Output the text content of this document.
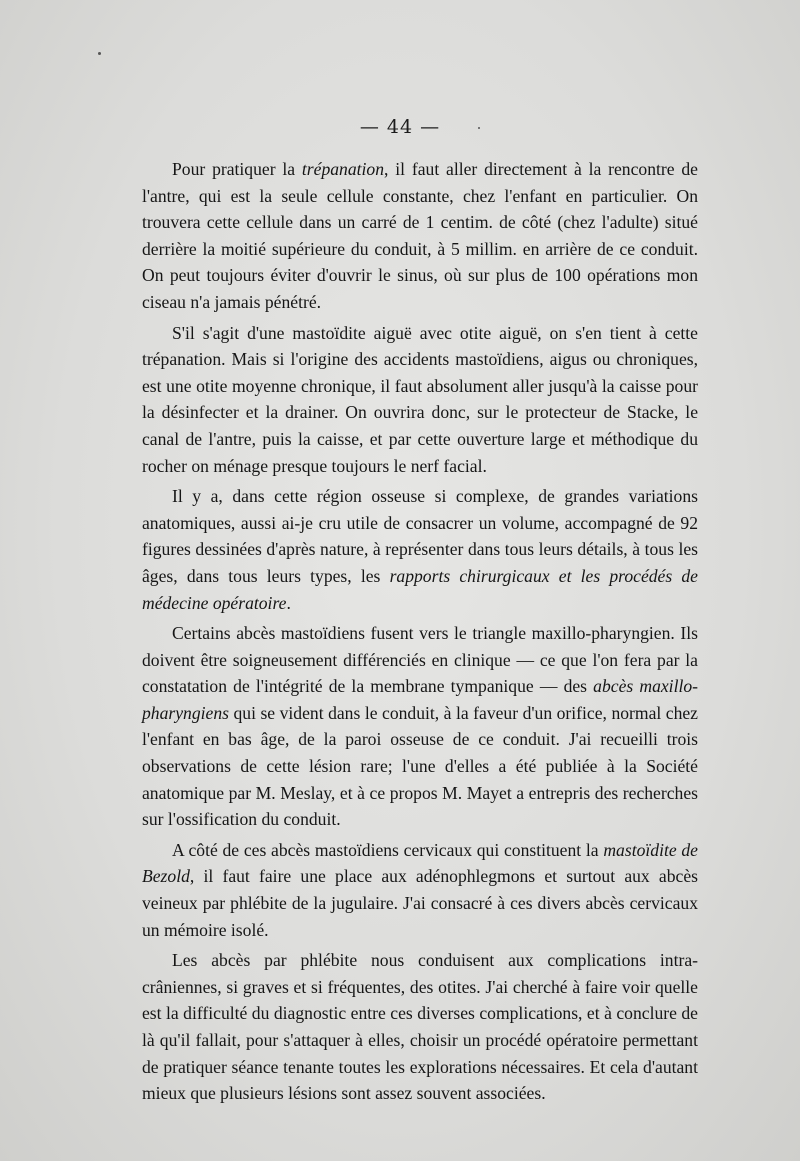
— 44 —

Pour pratiquer la trépanation, il faut aller directement à la rencontre de l'antre, qui est la seule cellule constante, chez l'enfant en particulier. On trouvera cette cellule dans un carré de 1 centim. de côté (chez l'adulte) situé derrière la moitié supérieure du conduit, à 5 millim. en arrière de ce conduit. On peut toujours éviter d'ouvrir le sinus, où sur plus de 100 opérations mon ciseau n'a jamais pénétré.

S'il s'agit d'une mastoïdite aiguë avec otite aiguë, on s'en tient à cette trépanation. Mais si l'origine des accidents mastoïdiens, aigus ou chroniques, est une otite moyenne chronique, il faut absolument aller jusqu'à la caisse pour la désinfecter et la drainer. On ouvrira donc, sur le protecteur de Stacke, le canal de l'antre, puis la caisse, et par cette ouverture large et méthodique du rocher on ménage presque toujours le nerf facial.

Il y a, dans cette région osseuse si complexe, de grandes variations anatomiques, aussi ai-je cru utile de consacrer un volume, accompagné de 92 figures dessinées d'après nature, à représenter dans tous leurs détails, à tous les âges, dans tous leurs types, les rapports chirurgicaux et les procédés de médecine opératoire.

Certains abcès mastoïdiens fusent vers le triangle maxillo-pharyngien. Ils doivent être soigneusement différenciés en clinique — ce que l'on fera par la constatation de l'intégrité de la membrane tympanique — des abcès maxillo-pharyngiens qui se vident dans le conduit, à la faveur d'un orifice, normal chez l'enfant en bas âge, de la paroi osseuse de ce conduit. J'ai recueilli trois observations de cette lésion rare; l'une d'elles a été publiée à la Société anatomique par M. Meslay, et à ce propos M. Mayet a entrepris des recherches sur l'ossification du conduit.

A côté de ces abcès mastoïdiens cervicaux qui constituent la mastoïdite de Bezold, il faut faire une place aux adénophlegmons et surtout aux abcès veineux par phlébite de la jugulaire. J'ai consacré à ces divers abcès cervicaux un mémoire isolé.

Les abcès par phlébite nous conduisent aux complications intra-crâniennes, si graves et si fréquentes, des otites. J'ai cherché à faire voir quelle est la difficulté du diagnostic entre ces diverses complications, et à conclure de là qu'il fallait, pour s'attaquer à elles, choisir un procédé opératoire permettant de pratiquer séance tenante toutes les explorations nécessaires. Et cela d'autant mieux que plusieurs lésions sont assez souvent associées.
